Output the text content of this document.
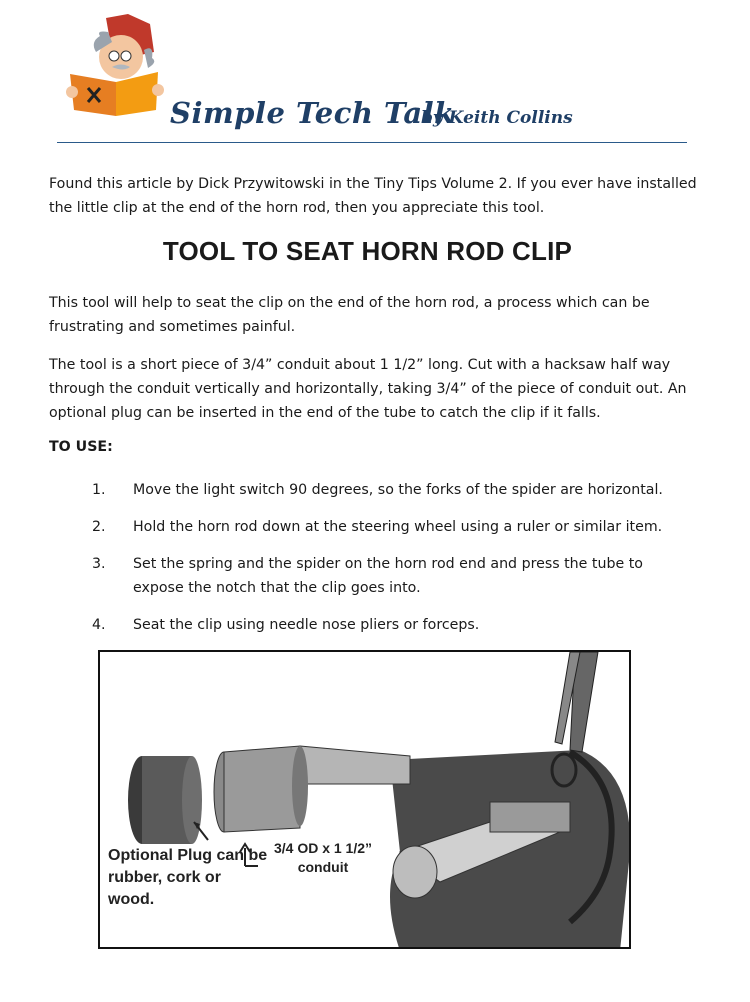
Simple Tech Talk
by Keith Collins
Found this article by Dick Przywitowski in the Tiny Tips Volume 2. If you ever have installed the little clip at the end of the horn rod, then you appreciate this tool.
TOOL TO SEAT HORN ROD CLIP
This tool will help to seat the clip on the end of the horn rod, a process which can be frustrating and sometimes painful.
The tool is a short piece of 3/4” conduit about 1 1/2” long. Cut with a hacksaw half way through the conduit vertically and horizontally, taking 3/4” of the piece of conduit out. An optional plug can be inserted in the end of the tube to catch the clip if it falls.
TO USE:
1. Move the light switch 90 degrees, so the forks of the spider are horizontal.
2. Hold the horn rod down at the steering wheel using a ruler or similar item.
3. Set the spring and the spider on the horn rod end and press the tube to expose the notch that the clip goes into.
4. Seat the clip using needle nose pliers or forceps.
Optional Plug can be rubber, cork or wood.
3/4 OD x 1 1/2”
conduit
